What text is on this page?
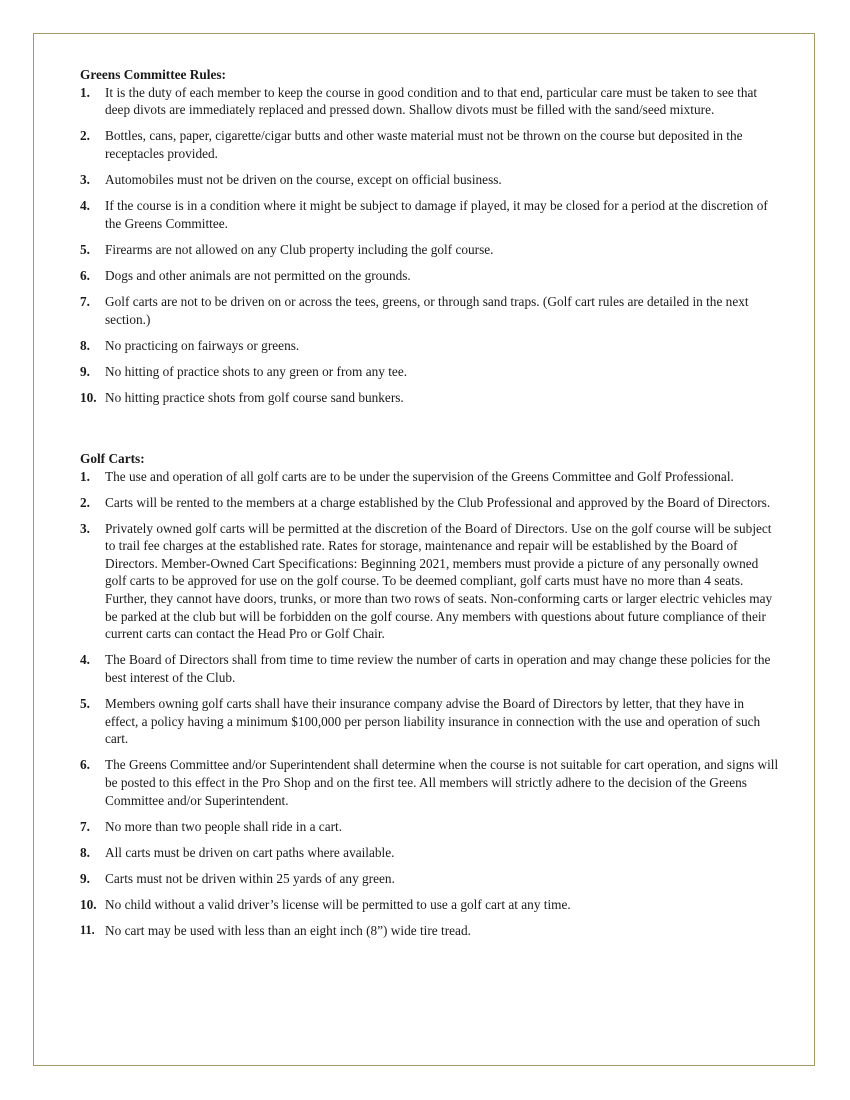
Greens Committee Rules:

1. It is the duty of each member to keep the course in good condition and to that end, particular care must be taken to see that deep divots are immediately replaced and pressed down. Shallow divots must be filled with the sand/seed mixture.
2. Bottles, cans, paper, cigarette/cigar butts and other waste material must not be thrown on the course but deposited in the receptacles provided.
3. Automobiles must not be driven on the course, except on official business.
4. If the course is in a condition where it might be subject to damage if played, it may be closed for a period at the discretion of the Greens Committee.
5. Firearms are not allowed on any Club property including the golf course.
6. Dogs and other animals are not permitted on the grounds.
7. Golf carts are not to be driven on or across the tees, greens, or through sand traps. (Golf cart rules are detailed in the next section.)
8. No practicing on fairways or greens.
9. No hitting of practice shots to any green or from any tee.
10. No hitting practice shots from golf course sand bunkers.

Golf Carts:

1. The use and operation of all golf carts are to be under the supervision of the Greens Committee and Golf Professional.
2. Carts will be rented to the members at a charge established by the Club Professional and approved by the Board of Directors.
3. Privately owned golf carts will be permitted at the discretion of the Board of Directors. Use on the golf course will be subject to trail fee charges at the established rate. Rates for storage, maintenance and repair will be established by the Board of Directors. Member-Owned Cart Specifications: Beginning 2021, members must provide a picture of any personally owned golf carts to be approved for use on the golf course. To be deemed compliant, golf carts must have no more than 4 seats. Further, they cannot have doors, trunks, or more than two rows of seats. Non-conforming carts or larger electric vehicles may be parked at the club but will be forbidden on the golf course. Any members with questions about future compliance of their current carts can contact the Head Pro or Golf Chair.
4. The Board of Directors shall from time to time review the number of carts in operation and may change these policies for the best interest of the Club.
5. Members owning golf carts shall have their insurance company advise the Board of Directors by letter, that they have in effect, a policy having a minimum $100,000 per person liability insurance in connection with the use and operation of such cart.
6. The Greens Committee and/or Superintendent shall determine when the course is not suitable for cart operation, and signs will be posted to this effect in the Pro Shop and on the first tee. All members will strictly adhere to the decision of the Greens Committee and/or Superintendent.
7. No more than two people shall ride in a cart.
8. All carts must be driven on cart paths where available.
9. Carts must not be driven within 25 yards of any green.
10. No child without a valid driver’s license will be permitted to use a golf cart at any time.
11. No cart may be used with less than an eight inch (8”) wide tire tread.
